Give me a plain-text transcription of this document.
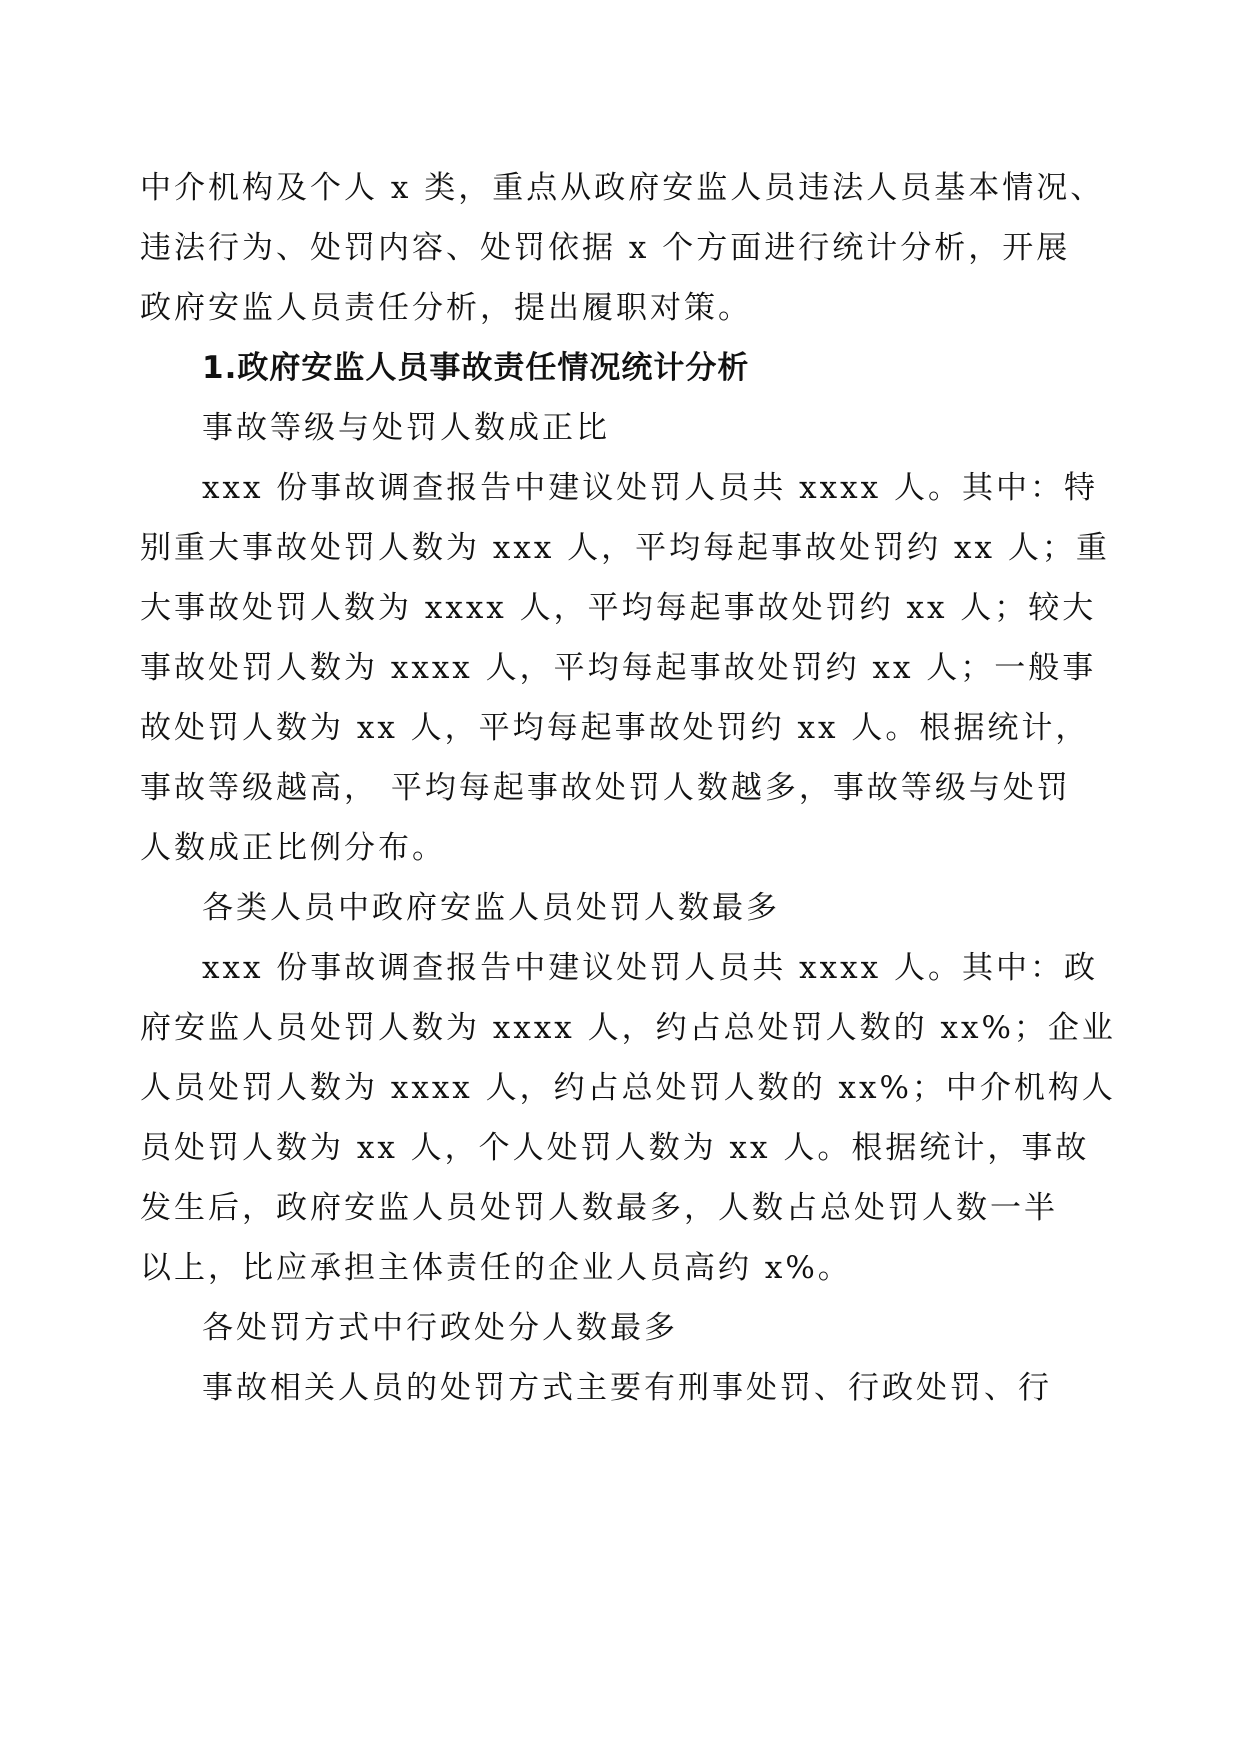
中介机构及个人 x 类，重点从政府安监人员违法人员基本情况、
违法行为、处罚内容、处罚依据 x 个方面进行统计分析，开展
政府安监人员责任分析，提出履职对策。
1.政府安监人员事故责任情况统计分析
事故等级与处罚人数成正比
xxx 份事故调查报告中建议处罚人员共 xxxx 人。其中：特
别重大事故处罚人数为 xxx 人，平均每起事故处罚约 xx 人；重
大事故处罚人数为 xxxx 人，平均每起事故处罚约 xx 人；较大
事故处罚人数为 xxxx 人，平均每起事故处罚约 xx 人；一般事
故处罚人数为 xx 人，平均每起事故处罚约 xx 人。根据统计，
事故等级越高， 平均每起事故处罚人数越多，事故等级与处罚
人数成正比例分布。
各类人员中政府安监人员处罚人数最多
xxx 份事故调查报告中建议处罚人员共 xxxx 人。其中：政
府安监人员处罚人数为 xxxx 人，约占总处罚人数的 xx%；企业
人员处罚人数为 xxxx 人，约占总处罚人数的 xx%；中介机构人
员处罚人数为 xx 人，个人处罚人数为 xx 人。根据统计，事故
发生后，政府安监人员处罚人数最多，人数占总处罚人数一半
以上，比应承担主体责任的企业人员高约 x%。
各处罚方式中行政处分人数最多
事故相关人员的处罚方式主要有刑事处罚、行政处罚、行
